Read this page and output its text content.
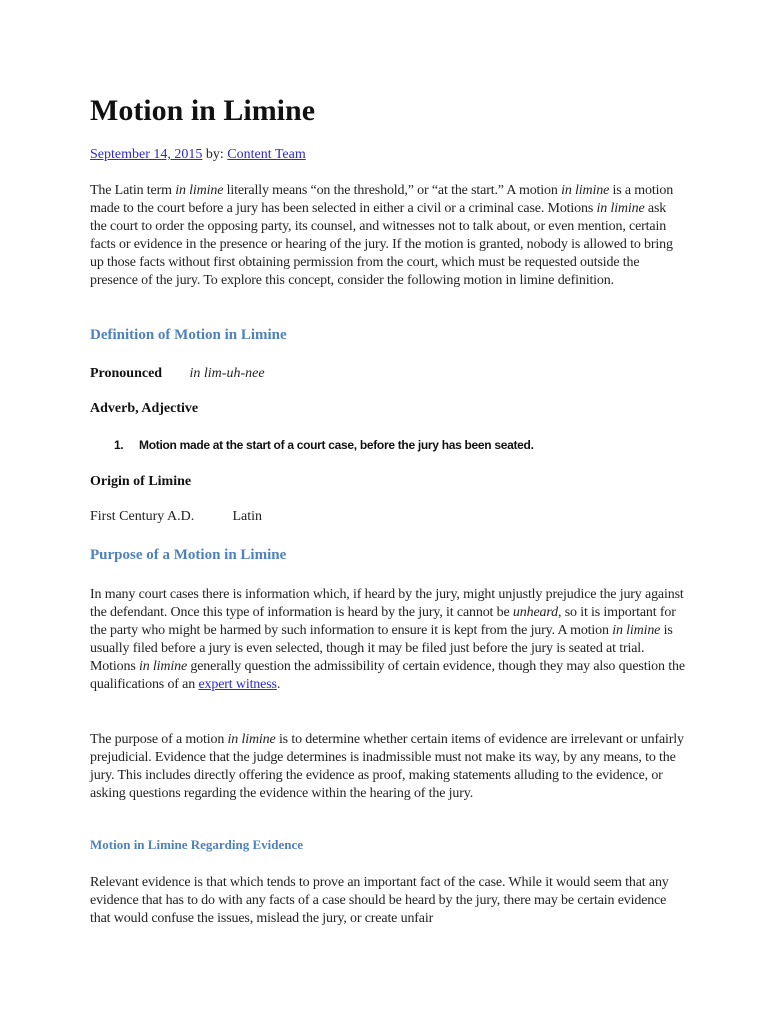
Motion in Limine
September 14, 2015 by: Content Team
The Latin term in limine literally means “on the threshold,” or “at the start.” A motion in limine is a motion made to the court before a jury has been selected in either a civil or a criminal case. Motions in limine ask the court to order the opposing party, its counsel, and witnesses not to talk about, or even mention, certain facts or evidence in the presence or hearing of the jury. If the motion is granted, nobody is allowed to bring up those facts without first obtaining permission from the court, which must be requested outside the presence of the jury. To explore this concept, consider the following motion in limine definition.
Definition of Motion in Limine
Pronounced in lim-uh-nee
Adverb, Adjective
1. Motion made at the start of a court case, before the jury has been seated.
Origin of Limine
First Century A.D.	Latin
Purpose of a Motion in Limine
In many court cases there is information which, if heard by the jury, might unjustly prejudice the jury against the defendant. Once this type of information is heard by the jury, it cannot be unheard, so it is important for the party who might be harmed by such information to ensure it is kept from the jury. A motion in limine is usually filed before a jury is even selected, though it may be filed just before the jury is seated at trial. Motions in limine generally question the admissibility of certain evidence, though they may also question the qualifications of an expert witness.
The purpose of a motion in limine is to determine whether certain items of evidence are irrelevant or unfairly prejudicial. Evidence that the judge determines is inadmissible must not make its way, by any means, to the jury. This includes directly offering the evidence as proof, making statements alluding to the evidence, or asking questions regarding the evidence within the hearing of the jury.
Motion in Limine Regarding Evidence
Relevant evidence is that which tends to prove an important fact of the case. While it would seem that any evidence that has to do with any facts of a case should be heard by the jury, there may be certain evidence that would confuse the issues, mislead the jury, or create unfair
